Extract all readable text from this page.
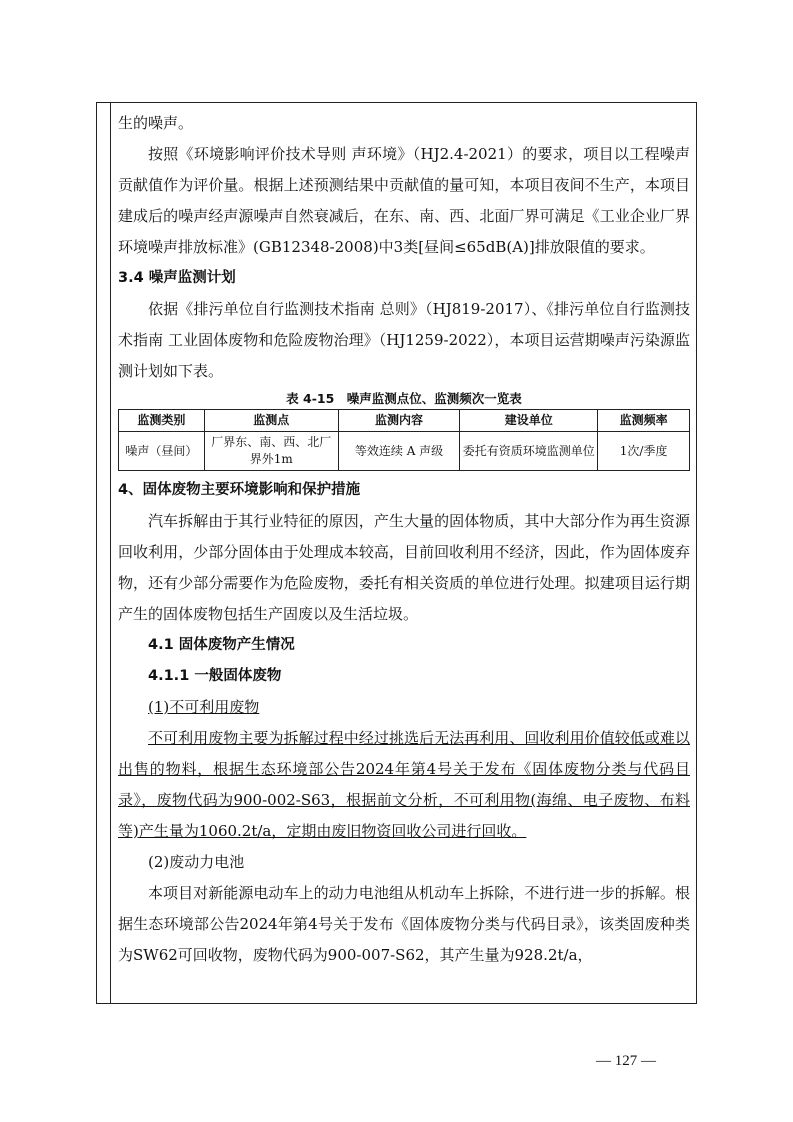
生的噪声。

按照《环境影响评价技术导则 声环境》（HJ2.4-2021）的要求，项目以工程噪声贡献值作为评价量。根据上述预测结果中贡献值的量可知，本项目夜间不生产，本项目建成后的噪声经声源噪声自然衰减后，在东、南、西、北面厂界可满足《工业企业厂界环境噪声排放标准》(GB12348-2008)中3类[昼间≤65dB(A)]排放限值的要求。

3.4 噪声监测计划

依据《排污单位自行监测技术指南 总则》（HJ819-2017）、《排污单位自行监测技术指南 工业固体废物和危险废物治理》（HJ1259-2022），本项目运营期噪声污染源监测计划如下表。

表 4-15　噪声监测点位、监测频次一览表
监测类别	监测点	监测内容	建设单位	监测频率
噪声（昼间）	厂界东、南、西、北厂界外1m	等效连续 A 声级	委托有资质环境监测单位	1次/季度

4、固体废物主要环境影响和保护措施

汽车拆解由于其行业特征的原因，产生大量的固体物质，其中大部分作为再生资源回收利用，少部分固体由于处理成本较高，目前回收利用不经济，因此，作为固体废弃物，还有少部分需要作为危险废物，委托有相关资质的单位进行处理。拟建项目运行期产生的固体废物包括生产固废以及生活垃圾。

4.1 固体废物产生情况

4.1.1 一般固体废物

(1)不可利用废物

不可利用废物主要为拆解过程中经过挑选后无法再利用、回收利用价值较低或难以出售的物料，根据生态环境部公告2024年第4号关于发布《固体废物分类与代码目录》，废物代码为900-002-S63，根据前文分析，不可利用物(海绵、电子废物、布料等)产生量为1060.2t/a，定期由废旧物资回收公司进行回收。

(2)废动力电池

本项目对新能源电动车上的动力电池组从机动车上拆除，不进行进一步的拆解。根据生态环境部公告2024年第4号关于发布《固体废物分类与代码目录》，该类固废种类为SW62可回收物，废物代码为900-007-S62，其产生量为928.2t/a，

— 127 —
